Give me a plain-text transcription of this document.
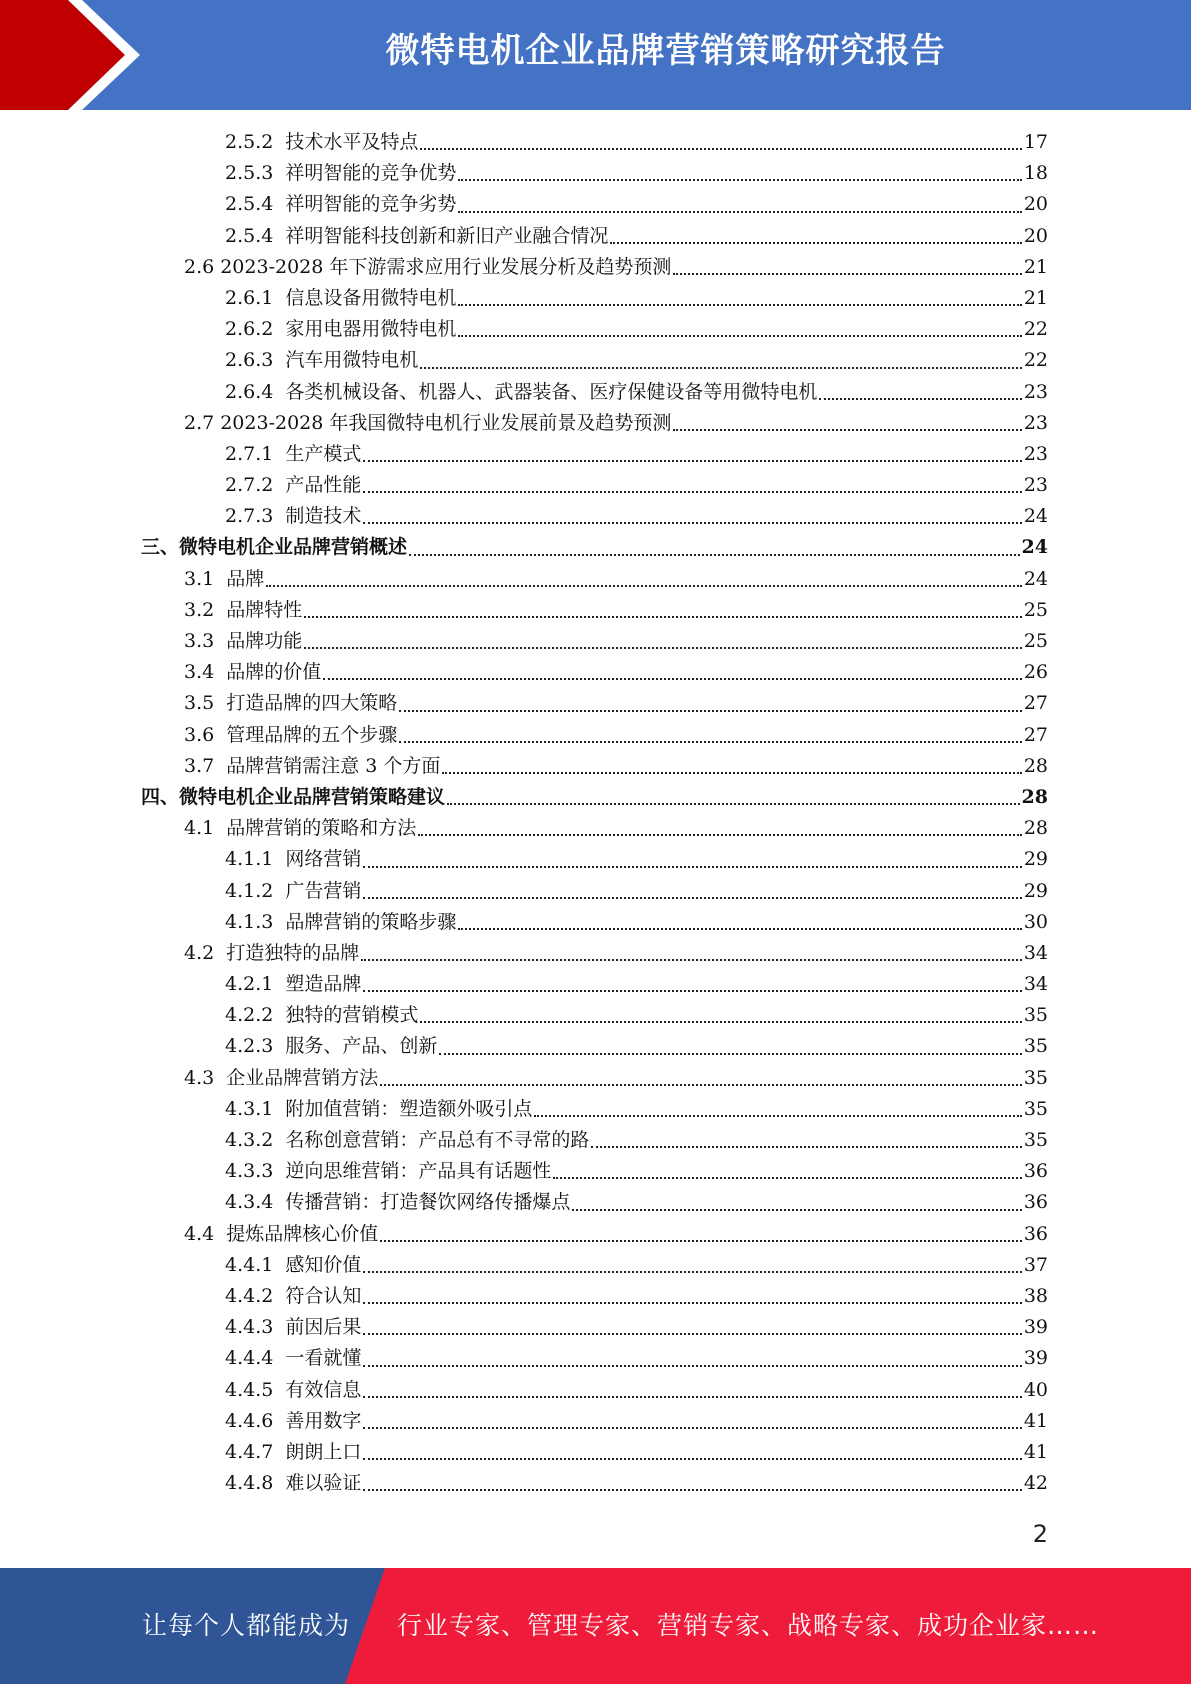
微特电机企业品牌营销策略研究报告
2.5.2 技术水平及特点	17
2.5.3 祥明智能的竞争优势	18
2.5.4 祥明智能的竞争劣势	20
2.5.4 祥明智能科技创新和新旧产业融合情况	20
2.6 2023-2028 年下游需求应用行业发展分析及趋势预测	21
2.6.1 信息设备用微特电机	21
2.6.2 家用电器用微特电机	22
2.6.3 汽车用微特电机	22
2.6.4 各类机械设备、机器人、武器装备、医疗保健设备等用微特电机	23
2.7 2023-2028 年我国微特电机行业发展前景及趋势预测	23
2.7.1 生产模式	23
2.7.2 产品性能	23
2.7.3 制造技术	24
三、 微特电机企业品牌营销概述	24
3.1 品牌	24
3.2 品牌特性	25
3.3 品牌功能	25
3.4 品牌的价值	26
3.5 打造品牌的四大策略	27
3.6 管理品牌的五个步骤	27
3.7 品牌营销需注意 3 个方面	28
四、 微特电机企业品牌营销策略建议	28
4.1 品牌营销的策略和方法	28
4.1.1 网络营销	29
4.1.2 广告营销	29
4.1.3 品牌营销的策略步骤	30
4.2 打造独特的品牌	34
4.2.1 塑造品牌	34
4.2.2 独特的营销模式	35
4.2.3 服务、产品、创新	35
4.3 企业品牌营销方法	35
4.3.1 附加值营销：塑造额外吸引点	35
4.3.2 名称创意营销：产品总有不寻常的路	35
4.3.3 逆向思维营销：产品具有话题性	36
4.3.4 传播营销：打造餐饮网络传播爆点	36
4.4 提炼品牌核心价值	36
4.4.1 感知价值	37
4.4.2 符合认知	38
4.4.3 前因后果	39
4.4.4 一看就懂	39
4.4.5 有效信息	40
4.4.6 善用数字	41
4.4.7 朗朗上口	41
4.4.8 难以验证	42
2
让每个人都能成为 行业专家、管理专家、营销专家、战略专家、成功企业家……
